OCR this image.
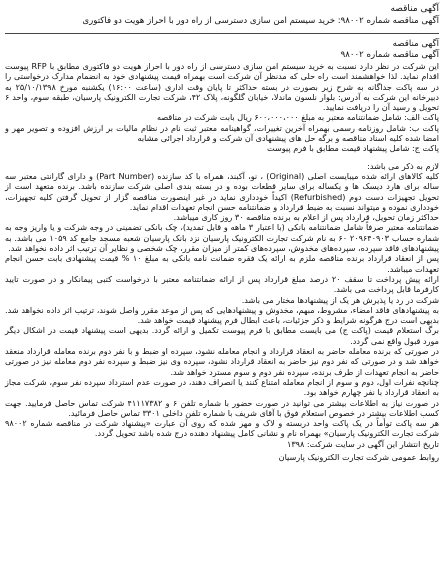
آگهی مناقصه

آگهی مناقصه شماره ۹۸۰۰۲: خرید سیستم امن سازی دسترسی از راه دور با احراز هویت دو فاکتوری

آگهی مناقصه

آگهی مناقصه شماره ۹۸۰۰۲

این شرکت در نظر دارد نسبت به خرید سیستم امن سازی دسترسی از راه دور با احراز هویت دو فاکتوری مطابق با RFP پیوست اقدام نماید. لذا خواهشمند است راه حلی که مدنظر آن شرکت است بهمراه قیمت پیشنهادی خود به انضمام مدارک درخواستی را در سه پاکت جداگانه به شرح زیر بصورت در بسته حداکثر تا پایان وقت اداری (ساعت ۱۶:۰۰) یکشنبه مورخ ۲۵/۱۰/۱۳۹۸ به دبیرخانه این شرکت به آدرس: بلوار نلسون ماندلا، خیابان گلگونه، پلاک ۴۲، شرکت تجارت الکترونیک پارسیان، طبقه سوم، واحد ۶ تحویل و رسید آن را دریافت نمایید.

پاکت الف: شامل ضمانتنامه معتبر به مبلغ ۶۰۰،۰۰۰،۰۰۰ ریال بابت شرکت در مناقصه

پاکت ب: شامل روزنامه رسمی بهمراه آخرین تغییرات، گواهینامه معتبر ثبت نام در نظام مالیات بر ارزش افزوده و تصویر مهر و امضا شده کلیه اسناد مناقصه و برگه حل های پیشنهادی آن شرکت و قرارداد اجرائی مشابه

پاکت ج: شامل پیشنهاد قیمت مطابق با فرم پیوست

لازم به ذکر می باشد:

کلیه کالاهای ارائه شده میبایست اصلی (Original) ، نو، آکبند، همراه با کد سازنده (Part Number) و دارای گارانتی معتبر سه ساله برای هارد دیسک ها و یکساله برای سایر قطعات بوده و در بسته بندی اصلی شرکت سازنده باشد. برنده متعهد است از تحویل تجهیزات دست دوم (Refurbished) اکیداً خودداری نماید در غیر اینصورت مناقصه گزار از تحویل گرفتن کلیه تجهیزات، خودداری نموده و میتواند نسبت به ضبط قرارداد و ضمانتنامه حسن انجام تعهدات اقدام نماید.

حداکثر زمان تحویل، قرارداد پس از اعلام به برنده مناقصه ۳۰ روز کاری میباشد.

ضمانتنامه معتبر صرفاً شامل ضمانتنامه بانکی (با اعتبار ۳ ماهه و قابل تمدید)، چک بانکی تضمینی در وجه شرکت و یا واریز وجه به شماره حساب ۲۰۹۶۴۰۹۰۳ ۶۰ به نام شرکت تجارت الکترونیک پارسیان نزد بانک پارسیان شعبه مسجد جامع کد ۱۰۵۹ می باشد. به پیشنهادهای فاقد سپرده، سپرده‌های مخدوش، سپرده‌های کمتر از میزان مقرر، چک شخصی و نظایر آن ترتیب اثر داده نخواهد شد.

پس از انعقاد قرارداد برنده مناقصه ملزم به ارائه یک فقره ضمانت نامه بانکی به مبلغ ۱۰ % قیمت پیشنهادی بابت حسن انجام تعهدات میباشد.

ارائه پیش پرداخت تا سقف ۲۰ درصد مبلغ قرارداد پس از ارائه ضمانتنامه معتبر با درخواست کتبی پیمانکار و در صورت تایید کارفرما قابل پرداخت می باشد.

شرکت در رد یا پذیرش هر یک از پیشنهادها مختار می باشد.

به پیشنهادهای فاقد امضاء، مشروط، مبهم، مخدوش و پیشنهادهایی که پس از موعد مقرر واصل شوند، ترتیب اثر داده نخواهد شد. بدیهی است درج هرگونه شرایط و ذکر جزئیات، باعث ابطال فرم پیشنهاد قیمت خواهد شد.

برگ استعلام قیمت (پاکت ج) می بایست مطابق با فرم پیوست تکمیل و ارائه گردد. بدیهی است پیشنهاد قیمت در اشکال دیگر مورد قبول واقع نمی گردد.

در صورتی که برنده معامله حاضر به انعقاد قرارداد و انجام معامله نشود، سپرده او ضبط و با نفر دوم برنده معامله قرارداد منعقد خواهد شد و در صورتی که نفر دوم نیز حاضر به انعقاد قرارداد نشود، سپرده وی نیز ضبط و سپرده نفر دوم معامله نیز در صورتی حاضر به انجام تعهدات از طرف برنده، سپرده نفر دوم و سوم مسترد خواهد شد.

چنانچه نفرات اول، دوم و سوم از انجام معامله امتناع کنند یا انصراف دهند، در صورت عدم استرداد سپرده نفر سوم، شرکت مجاز به انعقاد قرارداد با نفر چهارم خواهد بود.

در صورت نیاز به اطلاعات بیشتر می توانید در صورت حضور با شماره تلفن ۶ و ۴۱۱۱۷۳۸۲ شرکت تماس حاصل فرمایید. جهت کسب اطلاعات بیشتر در خصوص استعلام فوق با آقای شریف با شماره تلفن داخلی ۳۳۰۱ تماس حاصل فرمائید.

هر سه پاکت توأماً در یک پاکت واحد دربسته و لاک و مهر شده که روی آن عبارت «پیشنهاد شرکت در مناقصه شماره ۹۸۰۰۲ شرکت تجارت الکترونیک پارسیان» بهمراه نام و نشانی کامل پیشنهاد دهنده درج شده باشد تحویل گردد.

تاریخ انتشار این آگهی در سایت شرکت: ۱۳۹۸

روابط عمومی شرکت تجارت الکترونیک پارسیان
